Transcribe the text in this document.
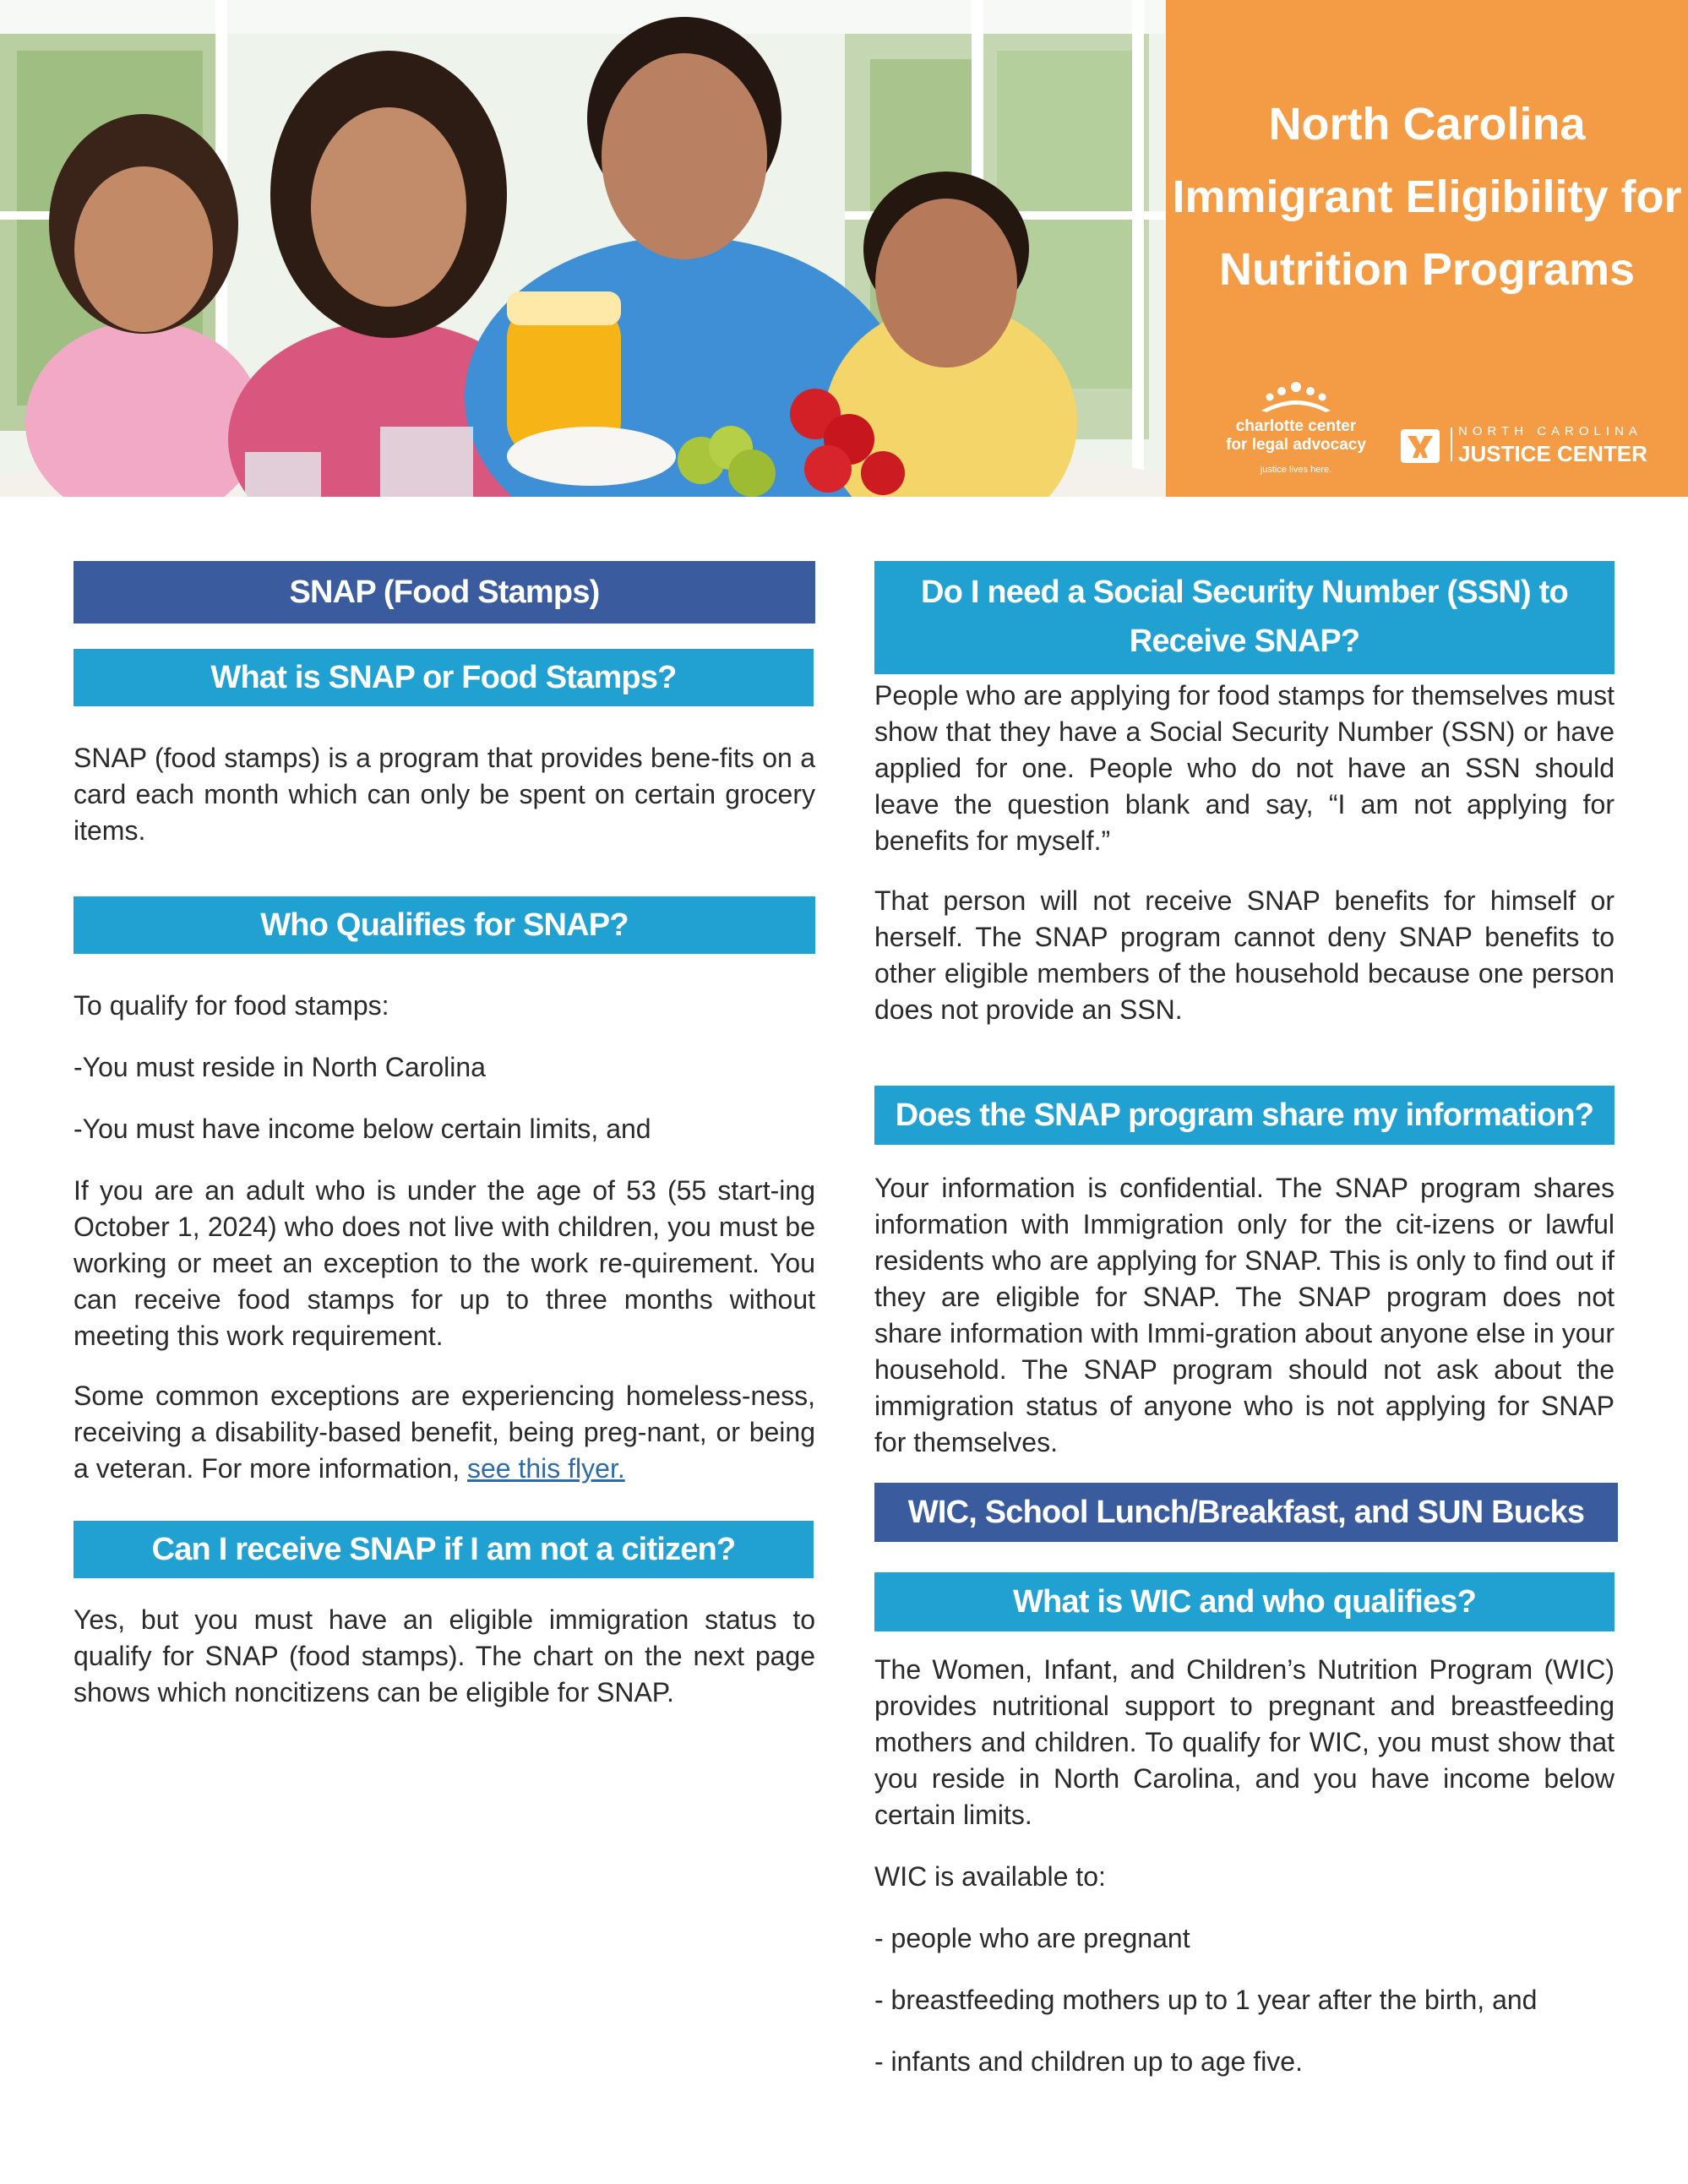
North Carolina
Immigrant Eligibility for
Nutrition Programs
charlotte center
for legal advocacy
justice lives here.
NORTH CAROLINA
JUSTICE CENTER
SNAP (Food Stamps)
What is SNAP or Food Stamps?

SNAP (food stamps) is a program that provides bene-fits on a card each month which can only be spent on certain grocery items.

Who Qualifies for SNAP?

To qualify for food stamps:

-You must reside in North Carolina

-You must have income below certain limits, and

If you are an adult who is under the age of 53 (55 start-ing October 1, 2024) who does not live with children, you must be working or meet an exception to the work re-quirement. You can receive food stamps for up to three months without meeting this work requirement.

Some common exceptions are experiencing homeless-ness, receiving a disability-based benefit, being preg-nant, or being a veteran. For more information, see this flyer.

Can I receive SNAP if I am not a citizen?

Yes, but you must have an eligible immigration status to qualify for SNAP (food stamps). The chart on the next page shows which noncitizens can be eligible for SNAP.

Do I need a Social Security Number (SSN) to
Receive SNAP?

People who are applying for food stamps for themselves must show that they have a Social Security Number (SSN) or have applied for one. People who do not have an SSN should leave the question blank and say, “I am not applying for benefits for myself.”

That person will not receive SNAP benefits for himself or herself. The SNAP program cannot deny SNAP benefits to other eligible members of the household because one person does not provide an SSN.

Does the SNAP program share my information?

Your information is confidential. The SNAP program shares information with Immigration only for the cit-izens or lawful residents who are applying for SNAP. This is only to find out if they are eligible for SNAP. The SNAP program does not share information with Immi-gration about anyone else in your household. The SNAP program should not ask about the immigration status of anyone who is not applying for SNAP for themselves.

WIC, School Lunch/Breakfast, and SUN Bucks
What is WIC and who qualifies?

The Women, Infant, and Children’s Nutrition Program (WIC) provides nutritional support to pregnant and breastfeeding mothers and children. To qualify for WIC, you must show that you reside in North Carolina, and you have income below certain limits.

WIC is available to:

- people who are pregnant

- breastfeeding mothers up to 1 year after the birth, and

- infants and children up to age five.
